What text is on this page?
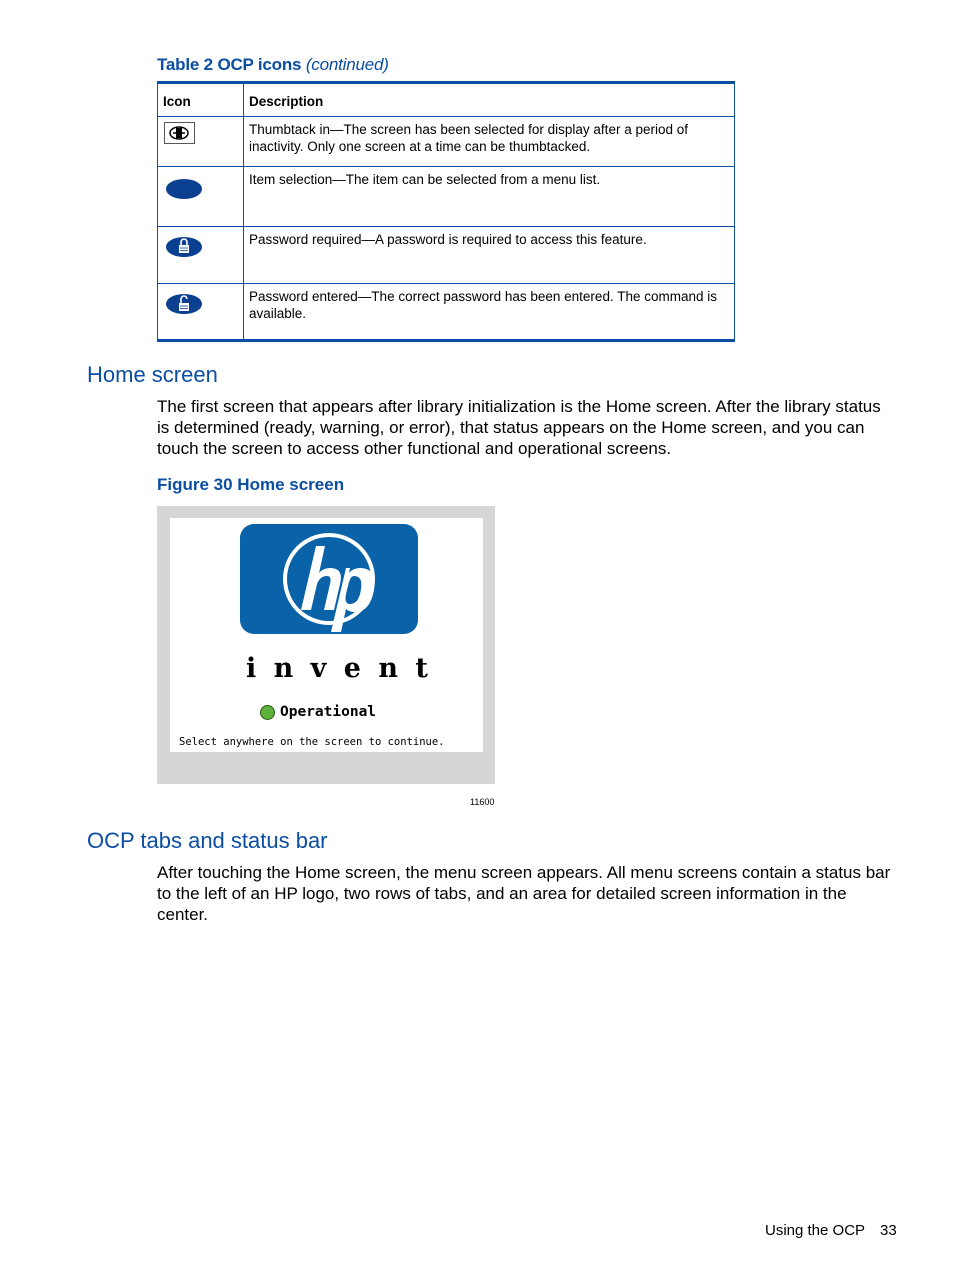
Table 2 OCP icons (continued)
Icon	Description
	Thumbtack in—The screen has been selected for display after a period of inactivity. Only one screen at a time can be thumbtacked.
	Item selection—The item can be selected from a menu list.
	Password required—A password is required to access this feature.
	Password entered—The correct password has been entered. The command is available.
Home screen
The first screen that appears after library initialization is the Home screen. After the library status is determined (ready, warning, or error), that status appears on the Home screen, and you can touch the screen to access other functional and operational screens.
Figure 30 Home screen
i n v e n t
Operational
Select anywhere on the screen to continue.
11600
OCP tabs and status bar
After touching the Home screen, the menu screen appears. All menu screens contain a status bar to the left of an HP logo, two rows of tabs, and an area for detailed screen information in the center.
Using the OCP 33
